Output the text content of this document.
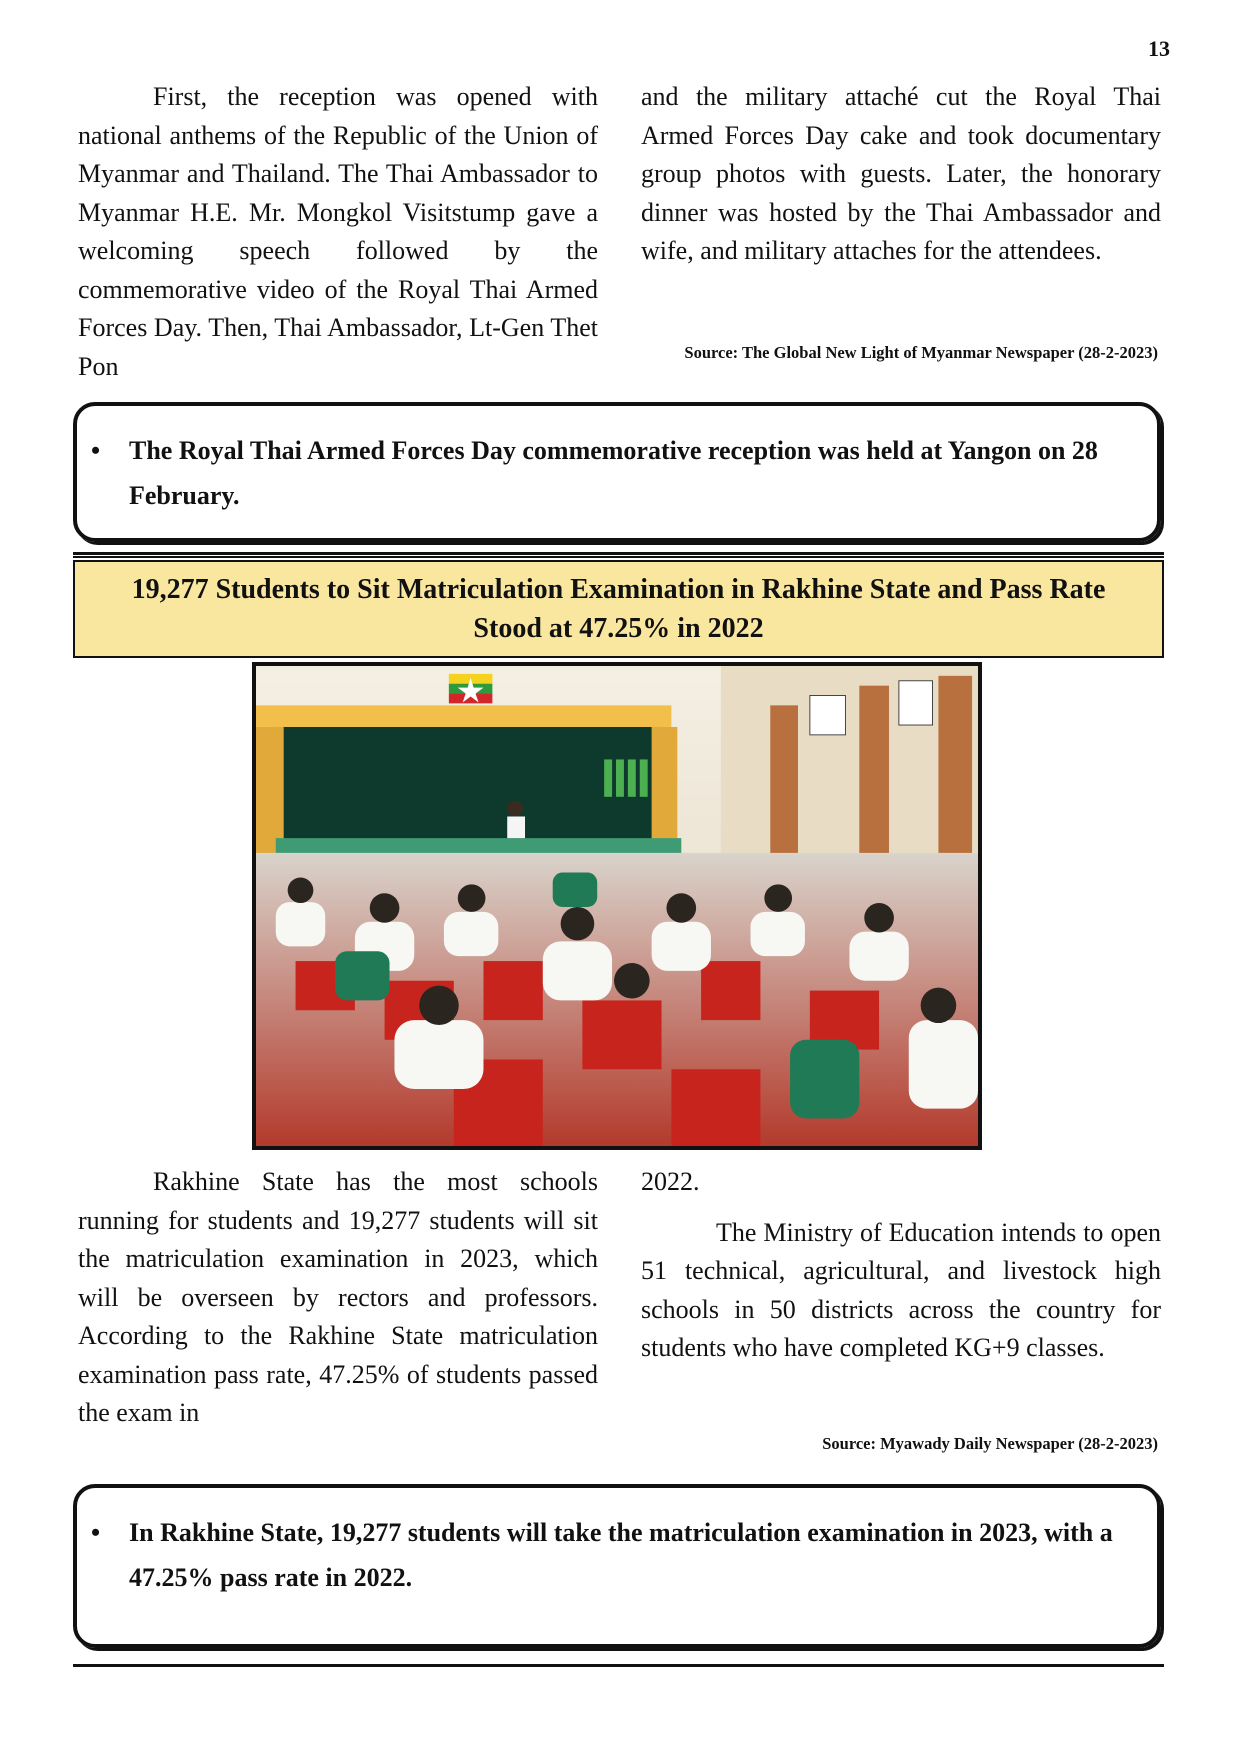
13

First, the reception was opened with national anthems of the Republic of the Union of Myanmar and Thailand. The Thai Ambassador to Myanmar H.E. Mr. Mongkol Visitstump gave a welcoming speech followed by the commemorative video of the Royal Thai Armed Forces Day. Then, Thai Ambassador, Lt-Gen Thet Pon

and the military attaché cut the Royal Thai Armed Forces Day cake and took documentary group photos with guests. Later, the honorary dinner was hosted by the Thai Ambassador and wife, and military attaches for the attendees.

Source: The Global New Light of Myanmar Newspaper (28-2-2023)
• The Royal Thai Armed Forces Day commemorative reception was held at Yangon on 28 February.
19,277 Students to Sit Matriculation Examination in Rakhine State and Pass Rate Stood at 47.25% in 2022

Rakhine State has the most schools running for students and 19,277 students will sit the matriculation examination in 2023, which will be overseen by rectors and professors. According to the Rakhine State matriculation examination pass rate, 47.25% of students passed the exam in

2022.

The Ministry of Education intends to open 51 technical, agricultural, and livestock high schools in 50 districts across the country for students who have completed KG+9 classes.

Source: Myawady Daily Newspaper (28-2-2023)
• In Rakhine State, 19,277 students will take the matriculation examination in 2023, with a 47.25% pass rate in 2022.
